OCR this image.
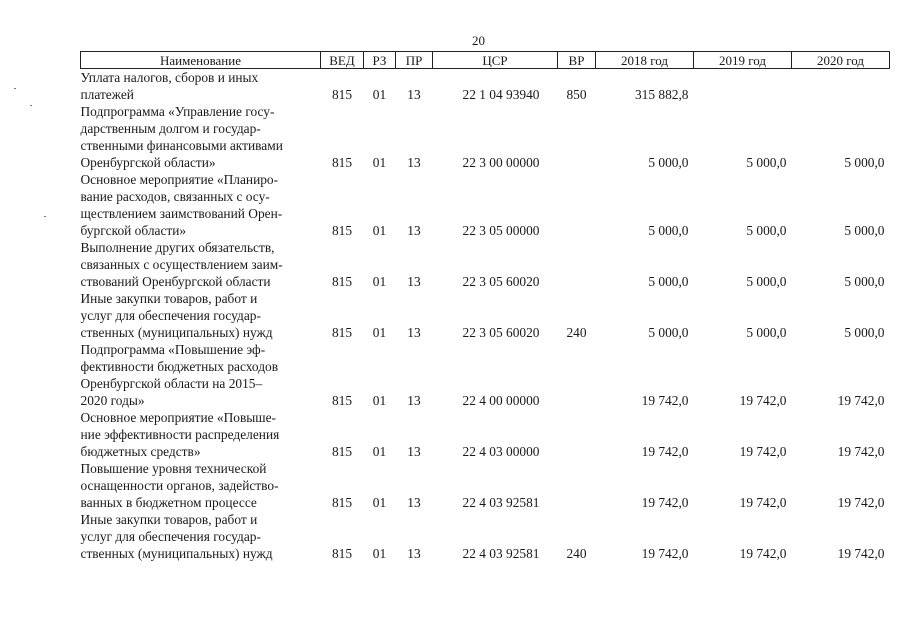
20
Наименование	ВЕД	РЗ	ПР	ЦСР	ВР	2018 год	2019 год	2020 год

Уплата налогов, сборов и иных
платежей	815	01	13	22 1 04 93940	850	315 882,8		

Подпрограмма «Управление госу-
дарственным долгом и государ-
ственными финансовыми активами
Оренбургской области»	815	01	13	22 3 00 00000		5 000,0	5 000,0	5 000,0

Основное мероприятие «Планиро-
вание расходов, связанных с осу-
ществлением заимствований Орен-
бургской области»	815	01	13	22 3 05 00000		5 000,0	5 000,0	5 000,0

Выполнение других обязательств,
связанных с осуществлением заим-
ствований Оренбургской области	815	01	13	22 3 05 60020		5 000,0	5 000,0	5 000,0

Иные закупки товаров, работ и
услуг для обеспечения государ-
ственных (муниципальных) нужд	815	01	13	22 3 05 60020	240	5 000,0	5 000,0	5 000,0

Подпрограмма «Повышение эф-
фективности бюджетных расходов
Оренбургской области на 2015–
2020 годы»	815	01	13	22 4 00 00000		19 742,0	19 742,0	19 742,0

Основное мероприятие «Повыше-
ние эффективности распределения
бюджетных средств»	815	01	13	22 4 03 00000		19 742,0	19 742,0	19 742,0

Повышение уровня технической
оснащенности органов, задейство-
ванных в бюджетном процессе	815	01	13	22 4 03 92581		19 742,0	19 742,0	19 742,0

Иные закупки товаров, работ и
услуг для обеспечения государ-
ственных (муниципальных) нужд	815	01	13	22 4 03 92581	240	19 742,0	19 742,0	19 742,0
